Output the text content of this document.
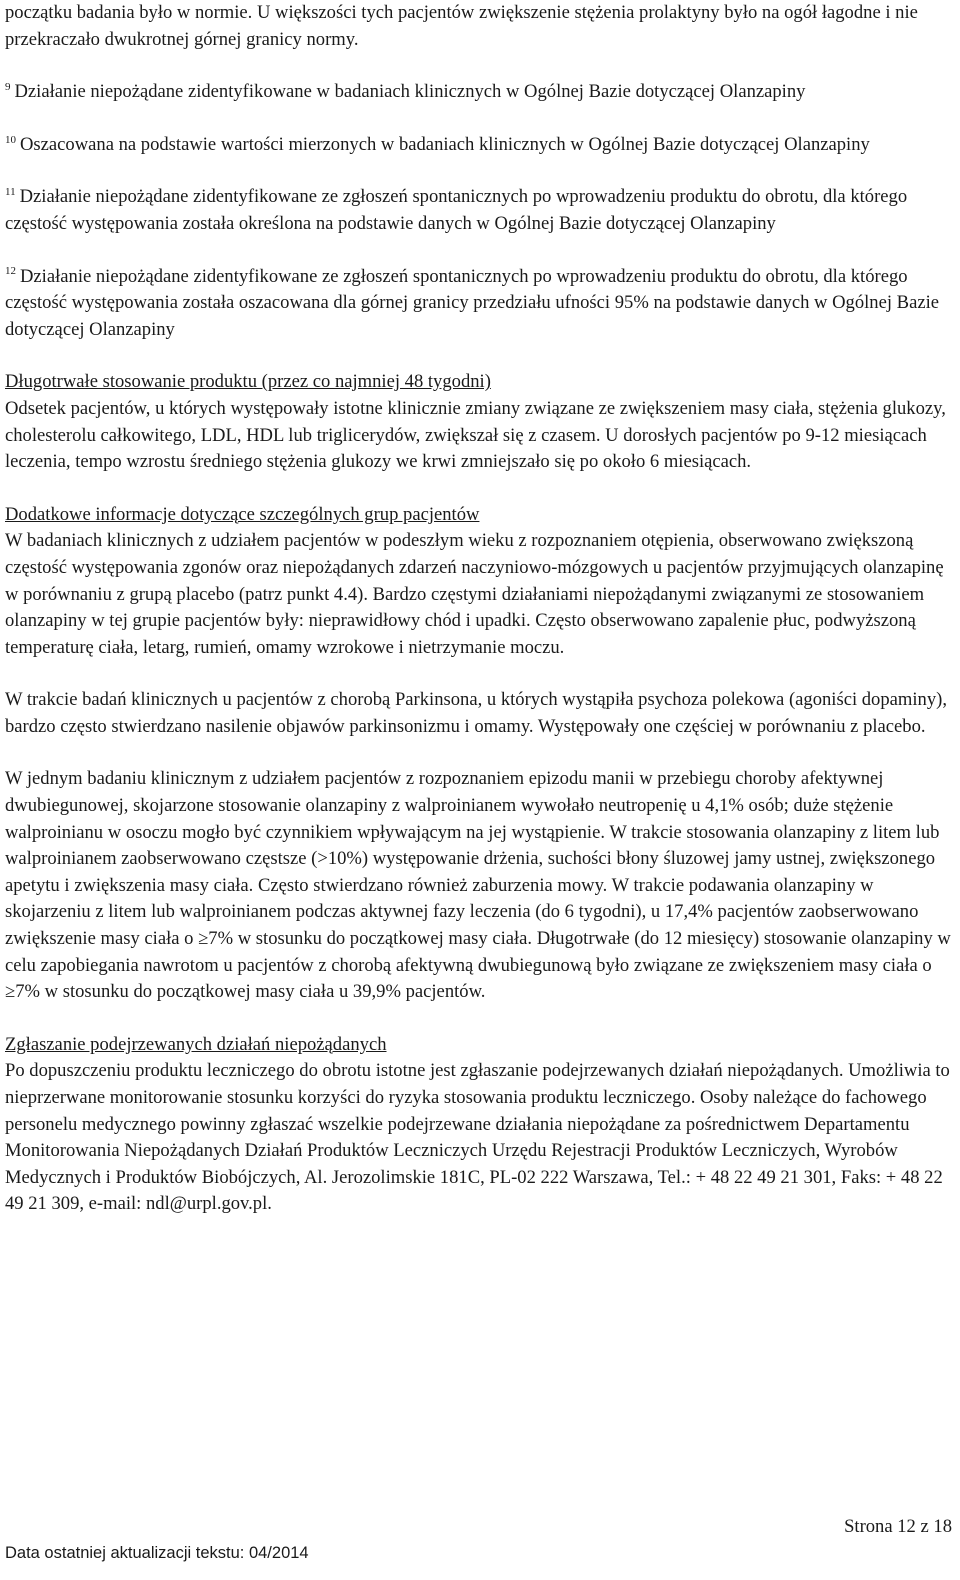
początku badania było w normie. U większości tych pacjentów zwiększenie stężenia prolaktyny było na ogół łagodne i nie przekraczało dwukrotnej górnej granicy normy.

$^9$ Działanie niepożądane zidentyfikowane w badaniach klinicznych w Ogólnej Bazie dotyczącej Olanzapiny

$^{10}$ Oszacowana na podstawie wartości mierzonych w badaniach klinicznych w Ogólnej Bazie dotyczącej Olanzapiny

$^{11}$ Działanie niepożądane zidentyfikowane ze zgłoszeń spontanicznych po wprowadzeniu produktu do obrotu, dla którego częstość występowania została określona na podstawie danych w Ogólnej Bazie dotyczącej Olanzapiny

$^{12}$ Działanie niepożądane zidentyfikowane ze zgłoszeń spontanicznych po wprowadzeniu produktu do obrotu, dla którego częstość występowania została oszacowana dla górnej granicy przedziału ufności 95% na podstawie danych w Ogólnej Bazie dotyczącej Olanzapiny

Długotrwałe stosowanie produktu (przez co najmniej 48 tygodni)

Odsetek pacjentów, u których występowały istotne klinicznie zmiany związane ze zwiększeniem masy ciała, stężenia glukozy, cholesterolu całkowitego, LDL, HDL lub triglicerydów, zwiększał się z czasem. U dorosłych pacjentów po 9-12 miesiącach leczenia, tempo wzrostu średniego stężenia glukozy we krwi zmniejszało się po około 6 miesiącach.

Dodatkowe informacje dotyczące szczególnych grup pacjentów

W badaniach klinicznych z udziałem pacjentów w podeszłym wieku z rozpoznaniem otępienia, obserwowano zwiększoną częstość występowania zgonów oraz niepożądanych zdarzeń naczyniowo-mózgowych u pacjentów przyjmujących olanzapinę w porównaniu z grupą placebo (patrz punkt 4.4). Bardzo częstymi działaniami niepożądanymi związanymi ze stosowaniem olanzapiny w tej grupie pacjentów były: nieprawidłowy chód i upadki. Często obserwowano zapalenie płuc, podwyższoną temperaturę ciała, letarg, rumień, omamy wzrokowe i nietrzymanie moczu.

W trakcie badań klinicznych u pacjentów z chorobą Parkinsona, u których wystąpiła psychoza polekowa (agoniści dopaminy), bardzo często stwierdzano nasilenie objawów parkinsonizmu i omamy. Występowały one częściej w porównaniu z placebo.

W jednym badaniu klinicznym z udziałem pacjentów z rozpoznaniem epizodu manii w przebiegu choroby afektywnej dwubiegunowej, skojarzone stosowanie olanzapiny z walproinianem wywołało neutropenię u 4,1% osób; duże stężenie walproinianu w osoczu mogło być czynnikiem wpływającym na jej wystąpienie. W trakcie stosowania olanzapiny z litem lub walproinianem zaobserwowano częstsze (>10%) występowanie drżenia, suchości błony śluzowej jamy ustnej, zwiększonego apetytu i zwiększenia masy ciała. Często stwierdzano również zaburzenia mowy. W trakcie podawania olanzapiny w skojarzeniu z litem lub walproinianem podczas aktywnej fazy leczenia (do 6 tygodni), u 17,4% pacjentów zaobserwowano zwiększenie masy ciała o ≥7% w stosunku do początkowej masy ciała. Długotrwałe (do 12 miesięcy) stosowanie olanzapiny w celu zapobiegania nawrotom u pacjentów z chorobą afektywną dwubiegunową było związane ze zwiększeniem masy ciała o ≥7% w stosunku do początkowej masy ciała u 39,9% pacjentów.

Zgłaszanie podejrzewanych działań niepożądanych

Po dopuszczeniu produktu leczniczego do obrotu istotne jest zgłaszanie podejrzewanych działań niepożądanych. Umożliwia to nieprzerwane monitorowanie stosunku korzyści do ryzyka stosowania produktu leczniczego. Osoby należące do fachowego personelu medycznego powinny zgłaszać wszelkie podejrzewane działania niepożądane za pośrednictwem Departamentu Monitorowania Niepożądanych Działań Produktów Leczniczych Urzędu Rejestracji Produktów Leczniczych, Wyrobów Medycznych i Produktów Biobójczych, Al. Jerozolimskie 181C, PL-02 222 Warszawa, Tel.: + 48 22 49 21 301, Faks: + 48 22 49 21 309, e-mail: ndl@urpl.gov.pl.

Strona 12 z 18
Data ostatniej aktualizacji tekstu: 04/2014
